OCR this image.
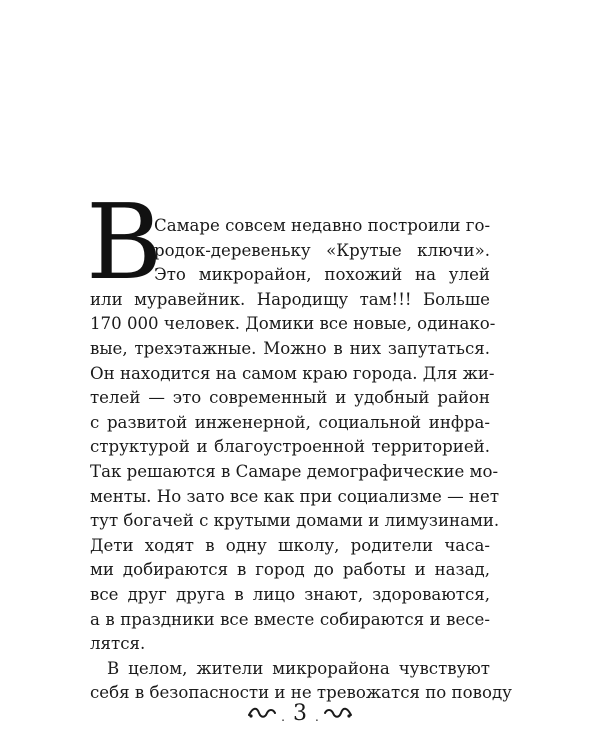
В
Самаре совсем недавно построили го-
родок-деревеньку «Крутые ключи».
Это микрорайон, похожий на улей
или муравейник. Народищу там!!! Больше
170 000 человек. Домики все новые, одинако-
вые, трехэтажные. Можно в них запутаться.
Он находится на самом краю города. Для жи-
телей — это современный и удобный район
с развитой инженерной, социальной инфра-
структурой и благоустроенной территорией.
Так решаются в Самаре демографические мо-
менты. Но зато все как при социализме — нет
тут богачей с крутыми домами и лимузинами.
Дети ходят в одну школу, родители часа-
ми добираются в город до работы и назад,
все друг друга в лицо знают, здороваются,
а в праздники все вместе собираются и весе-
лятся.
В целом, жители микрорайона чувствуют
себя в безопасности и не тревожатся по поводу
. 3 .
